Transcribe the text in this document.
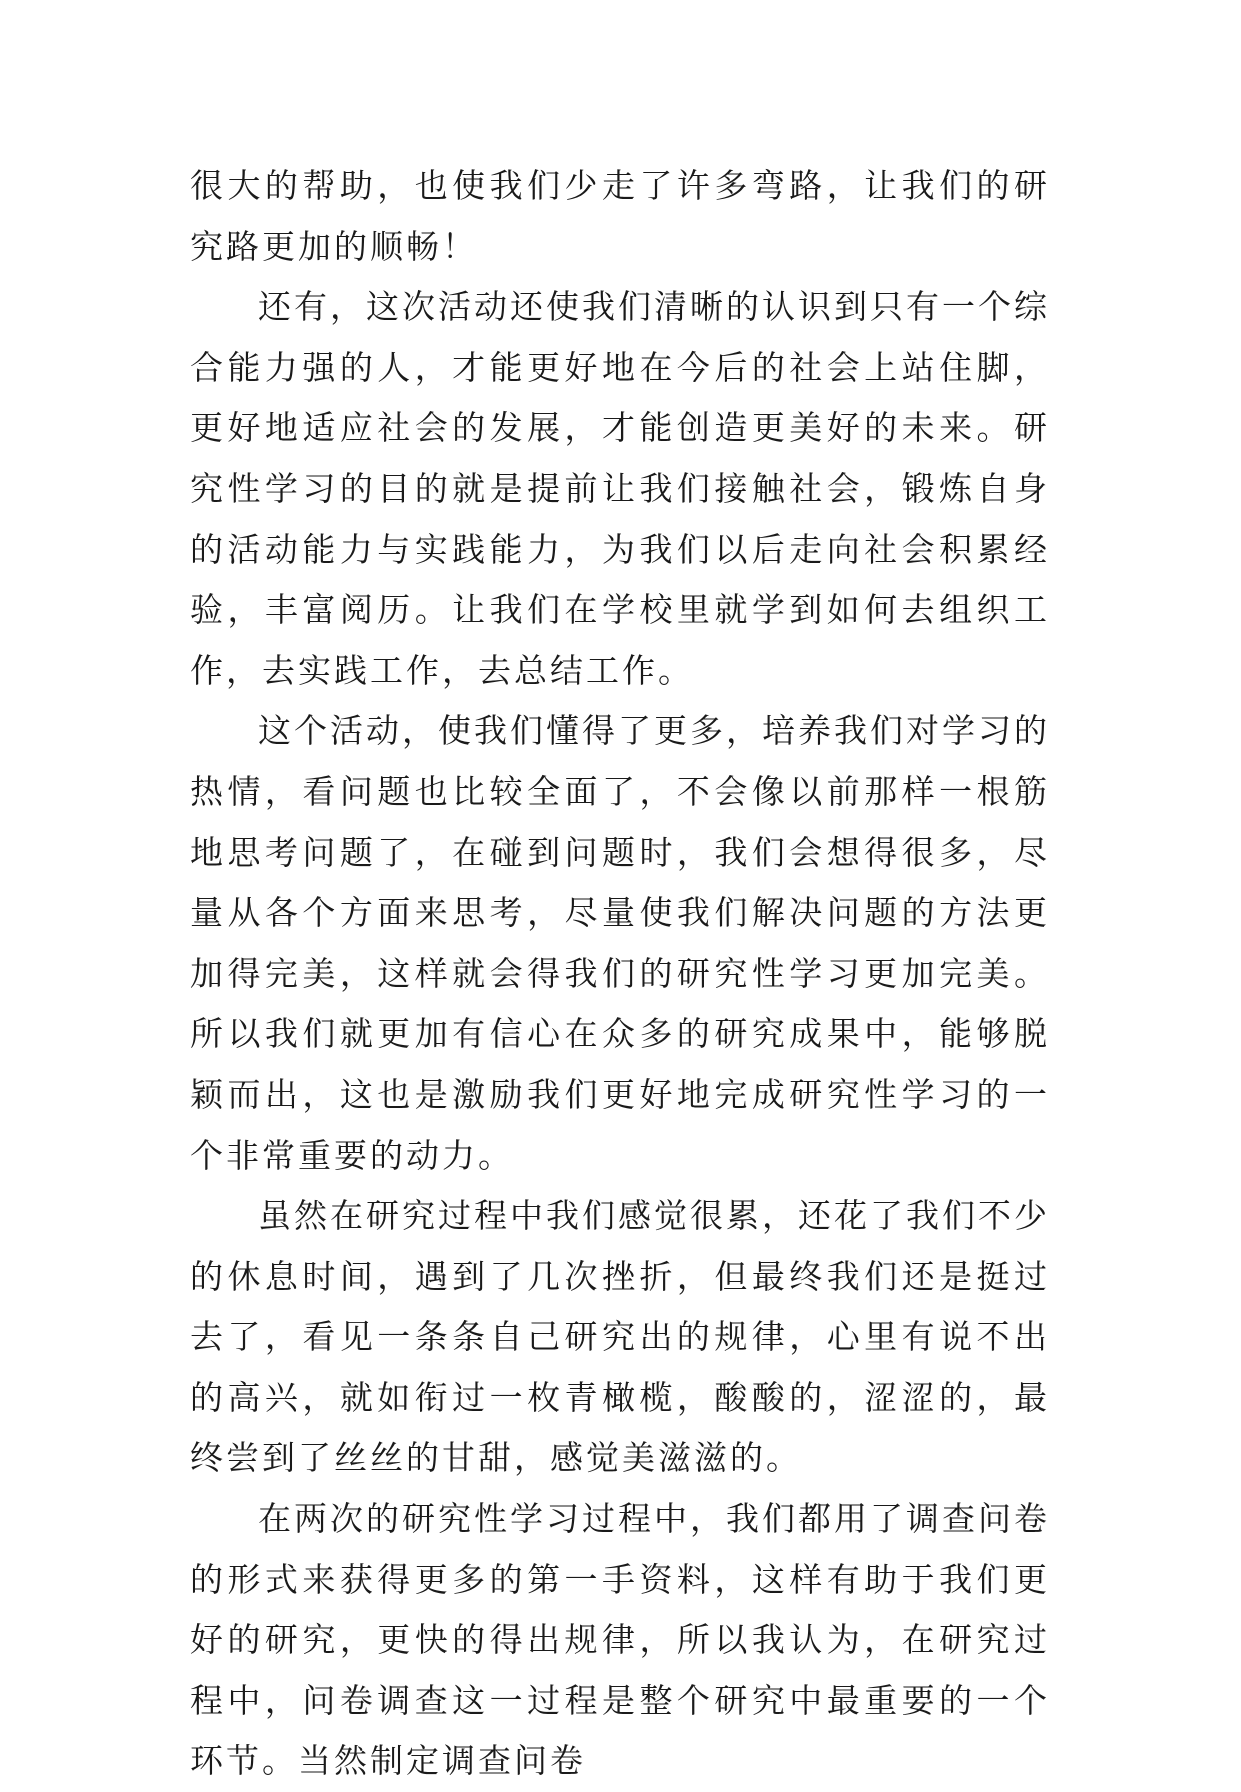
很大的帮助，也使我们少走了许多弯路，让我们的研究路更加的顺畅！

还有，这次活动还使我们清晰的认识到只有一个综合能力强的人，才能更好地在今后的社会上站住脚，更好地适应社会的发展，才能创造更美好的未来。研究性学习的目的就是提前让我们接触社会，锻炼自身的活动能力与实践能力，为我们以后走向社会积累经验，丰富阅历。让我们在学校里就学到如何去组织工作，去实践工作，去总结工作。

这个活动，使我们懂得了更多，培养我们对学习的热情，看问题也比较全面了，不会像以前那样一根筋地思考问题了，在碰到问题时，我们会想得很多，尽量从各个方面来思考，尽量使我们解决问题的方法更加得完美，这样就会得我们的研究性学习更加完美。所以我们就更加有信心在众多的研究成果中，能够脱颖而出，这也是激励我们更好地完成研究性学习的一个非常重要的动力。

虽然在研究过程中我们感觉很累，还花了我们不少的休息时间，遇到了几次挫折，但最终我们还是挺过去了，看见一条条自己研究出的规律，心里有说不出的高兴，就如衔过一枚青橄榄，酸酸的，涩涩的，最终尝到了丝丝的甘甜，感觉美滋滋的。

在两次的研究性学习过程中，我们都用了调查问卷的形式来获得更多的第一手资料，这样有助于我们更好的研究，更快的得出规律，所以我认为，在研究过程中，问卷调查这一过程是整个研究中最重要的一个环节。当然制定调查问卷
